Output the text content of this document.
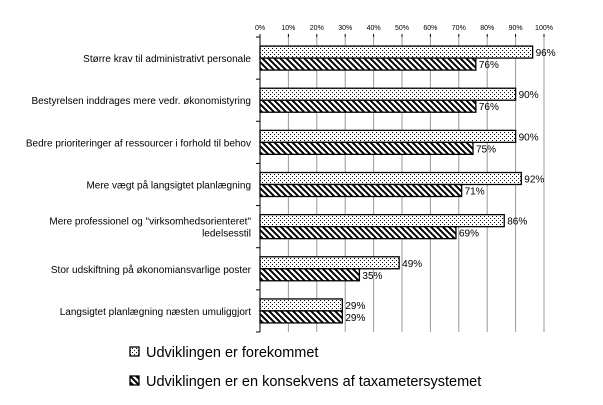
0% 10% 20% 30% 40% 50% 60% 70% 80% 90% 100%
96%
76%
90%
76%
90%
75%
92%
71%
86%
69%
49%
35%
29%
29%
Større krav til administrativt personale
Bestyrelsen inddrages mere vedr. økonomistyring
Bedre prioriteringer af ressourcer i forhold til behov
Mere vægt på langsigtet planlægning
Mere professionel og "virksomhedsorienteret"
ledelsesstil
Stor udskiftning på økonomiansvarlige poster
Langsigtet planlægning næsten umuliggjort
Udviklingen er forekommet
Udviklingen er en konsekvens af taxametersystemet
